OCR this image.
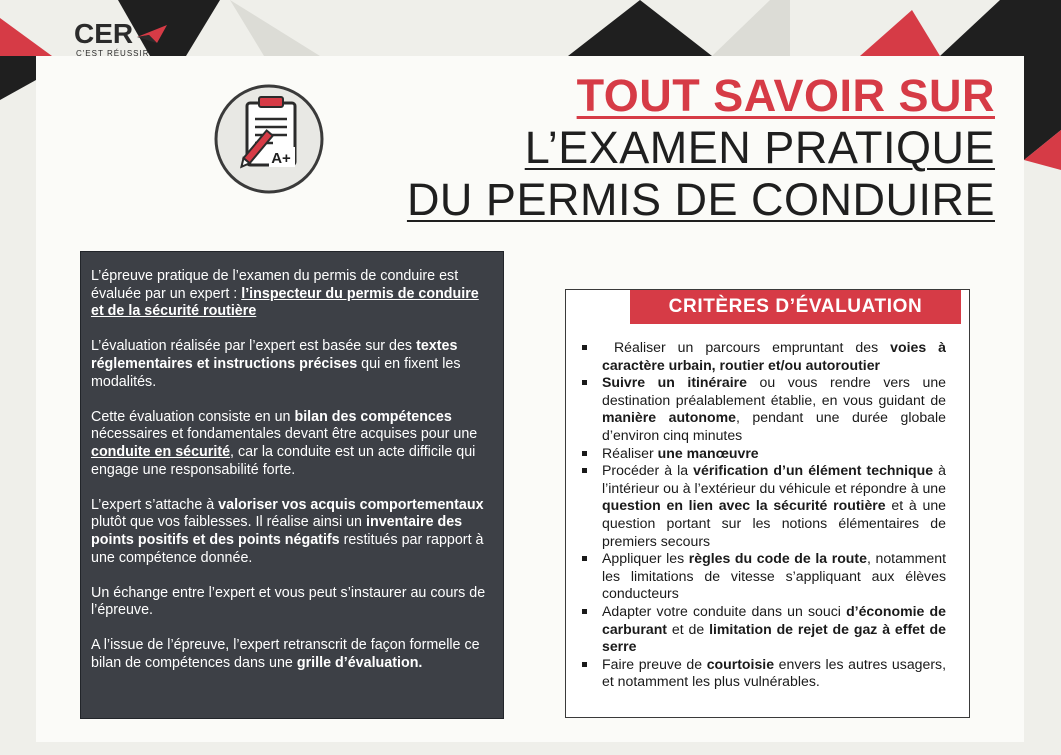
CER
C'EST RÉUSSIR
A+
TOUT SAVOIR SUR
L’EXAMEN PRATIQUE
DU PERMIS DE CONDUIRE

L’épreuve pratique de l’examen du permis de conduire est évaluée par un expert : l’inspecteur du permis de conduire et de la sécurité routière

L’évaluation réalisée par l’expert est basée sur des textes réglementaires et instructions précises qui en fixent les modalités.

Cette évaluation consiste en un bilan des compétences nécessaires et fondamentales devant être acquises pour une conduite en sécurité, car la conduite est un acte difficile qui engage une responsabilité forte.

L’expert s’attache à valoriser vos acquis comportementaux plutôt que vos faiblesses. Il réalise ainsi un inventaire des points positifs et des points négatifs restitués par rapport à une compétence donnée.

Un échange entre l’expert et vous peut s’instaurer au cours de l’épreuve.

A l’issue de l’épreuve, l’expert retranscrit de façon formelle ce bilan de compétences dans une grille d’évaluation.

CRITÈRES D’ÉVALUATION
Réaliser un parcours empruntant des voies à caractère urbain, routier et/ou autoroutier
Suivre un itinéraire ou vous rendre vers une destination préalablement établie, en vous guidant de manière autonome, pendant une durée globale d’environ cinq minutes
Réaliser une manœuvre
Procéder à la vérification d’un élément technique à l’intérieur ou à l’extérieur du véhicule et répondre à une question en lien avec la sécurité routière et à une question portant sur les notions élémentaires de premiers secours
Appliquer les règles du code de la route, notamment les limitations de vitesse s’appliquant aux élèves conducteurs
Adapter votre conduite dans un souci d’économie de carburant et de limitation de rejet de gaz à effet de serre
Faire preuve de courtoisie envers les autres usagers, et notamment les plus vulnérables.
